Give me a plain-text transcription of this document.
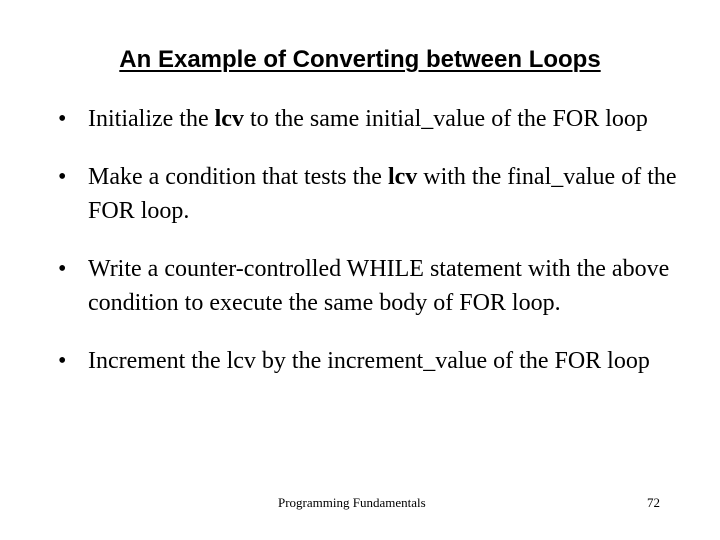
An Example of Converting between Loops
• Initialize the lcv to the same initial_value of the FOR loop
• Make a condition that tests the lcv with the final_value of the FOR loop.
• Write a counter-controlled WHILE statement with the above condition to execute the same body of FOR loop.
• Increment the lcv by the increment_value of the FOR loop
Programming Fundamentals	72
